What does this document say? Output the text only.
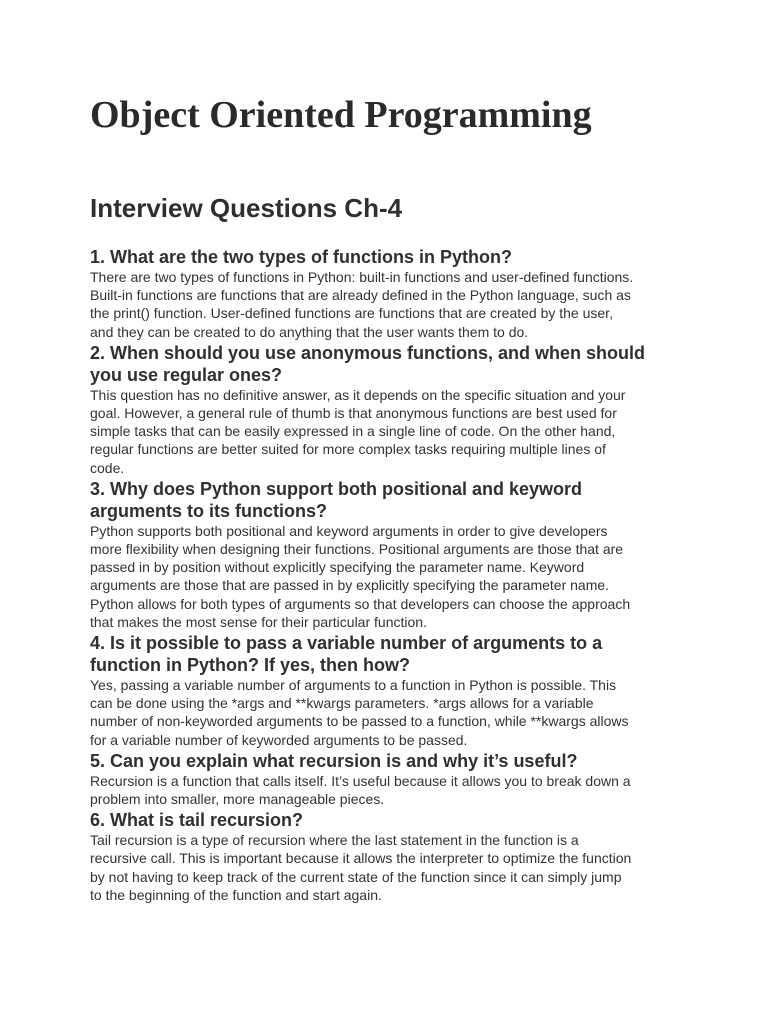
Object Oriented Programming
Interview Questions Ch-4

1. What are the two types of functions in Python?

There are two types of functions in Python: built-in functions and user-defined functions.
Built-in functions are functions that are already defined in the Python language, such as
the print() function. User-defined functions are functions that are created by the user,
and they can be created to do anything that the user wants them to do.
2. When should you use anonymous functions, and when should
you use regular ones?
This question has no definitive answer, as it depends on the specific situation and your
goal. However, a general rule of thumb is that anonymous functions are best used for
simple tasks that can be easily expressed in a single line of code. On the other hand,
regular functions are better suited for more complex tasks requiring multiple lines of
code.
3. Why does Python support both positional and keyword
arguments to its functions?
Python supports both positional and keyword arguments in order to give developers
more flexibility when designing their functions. Positional arguments are those that are
passed in by position without explicitly specifying the parameter name. Keyword
arguments are those that are passed in by explicitly specifying the parameter name.
Python allows for both types of arguments so that developers can choose the approach
that makes the most sense for their particular function.
4. Is it possible to pass a variable number of arguments to a
function in Python? If yes, then how?
Yes, passing a variable number of arguments to a function in Python is possible. This
can be done using the *args and **kwargs parameters. *args allows for a variable
number of non-keyworded arguments to be passed to a function, while **kwargs allows
for a variable number of keyworded arguments to be passed.

5. Can you explain what recursion is and why it’s useful?

Recursion is a function that calls itself. It’s useful because it allows you to break down a
problem into smaller, more manageable pieces.

6. What is tail recursion?

Tail recursion is a type of recursion where the last statement in the function is a
recursive call. This is important because it allows the interpreter to optimize the function
by not having to keep track of the current state of the function since it can simply jump
to the beginning of the function and start again.
